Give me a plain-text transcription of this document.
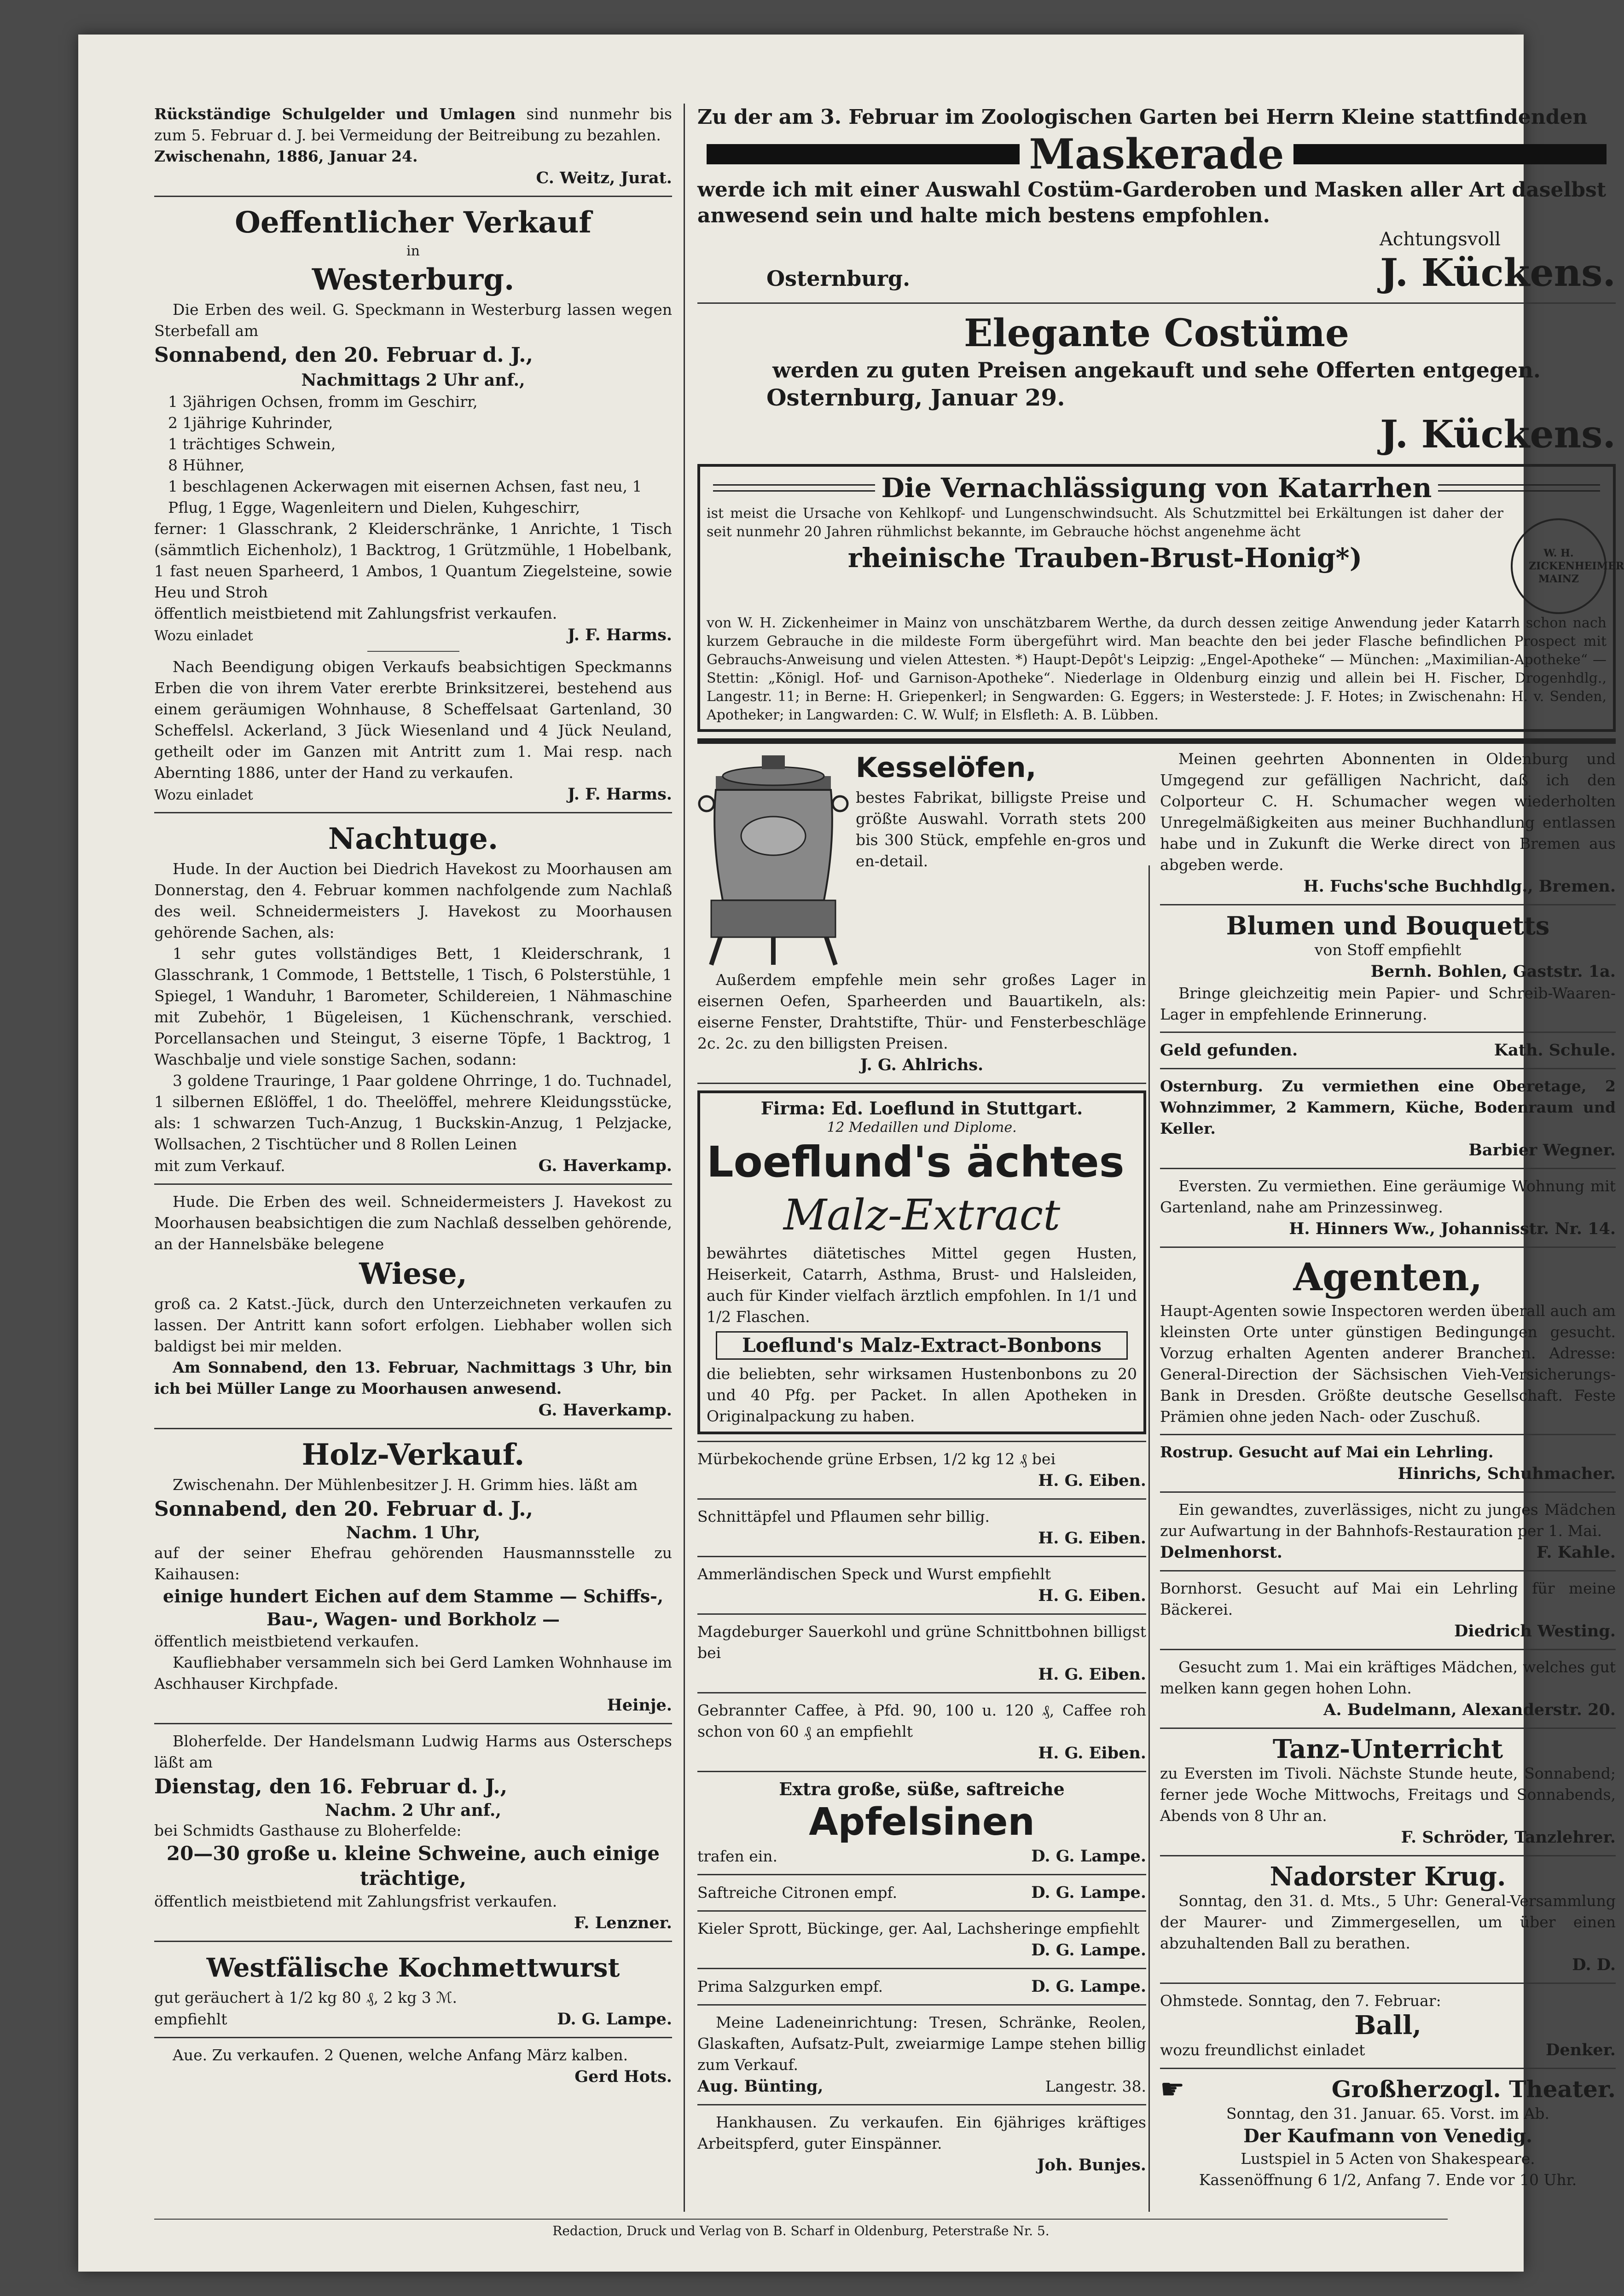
Rückständige Schulgelder und Umlagen sind nunmehr bis zum 5. Februar d. J. bei Vermeidung der Beitreibung zu bezahlen.
Zwischenahn, 1886, Januar 24.
C. Weitz, Jurat.
Oeffentlicher Verkauf
in
Westerburg.
Die Erben des weil. G. Speckmann in Westerburg lassen wegen Sterbefall am
Sonnabend, den 20. Februar d. J.,
Nachmittags 2 Uhr anf.,
1 3jährigen Ochsen, fromm im Geschirr,
2 1jährige Kuhrinder,
1 trächtiges Schwein,
8 Hühner,
1 beschlagenen Ackerwagen mit eisernen Achsen, fast neu, 1 Pflug, 1 Egge, Wagenleitern und Dielen, Kuhgeschirr,
ferner: 1 Glasschrank, 2 Kleiderschränke, 1 Anrichte, 1 Tisch (sämmtlich Eichenholz), 1 Backtrog, 1 Grützmühle, 1 Hobelbank, 1 fast neuen Sparheerd, 1 Ambos, 1 Quantum Ziegelsteine, sowie Heu und Stroh
öffentlich meistbietend mit Zahlungsfrist verkaufen.
Wozu einladet	J. F. Harms.
Nach Beendigung obigen Verkaufs beabsichtigen Speckmanns Erben die von ihrem Vater ererbte Brinksitzerei, bestehend aus einem geräumigen Wohnhause, 8 Scheffelsaat Gartenland, 30 Scheffelsl. Ackerland, 3 Jück Wiesenland und 4 Jück Neuland, getheilt oder im Ganzen mit Antritt zum 1. Mai resp. nach Abernting 1886, unter der Hand zu verkaufen.
Wozu einladet	J. F. Harms.
Nachtuge.
Hude. In der Auction bei Diedrich Havekost zu Moorhausen am Donnerstag, den 4. Februar kommen nachfolgende zum Nachlaß des weil. Schneidermeisters J. Havekost zu Moorhausen gehörende Sachen, als:
1 sehr gutes vollständiges Bett, 1 Kleiderschrank, 1 Glasschrank, 1 Commode, 1 Bettstelle, 1 Tisch, 6 Polsterstühle, 1 Spiegel, 1 Wanduhr, 1 Barometer, Schildereien, 1 Nähmaschine mit Zubehör, 1 Bügeleisen, 1 Küchenschrank, verschied. Porcellansachen und Steingut, 3 eiserne Töpfe, 1 Backtrog, 1 Waschbalje und viele sonstige Sachen, sodann:
3 goldene Trauringe, 1 Paar goldene Ohrringe, 1 do. Tuchnadel, 1 silbernen Eßlöffel, 1 do. Theelöffel, mehrere Kleidungsstücke, als: 1 schwarzen Tuch-Anzug, 1 Buckskin-Anzug, 1 Pelzjacke, Wollsachen, 2 Tischtücher und 8 Rollen Leinen
mit zum Verkauf.	G. Haverkamp.
Hude. Die Erben des weil. Schneidermeisters J. Havekost zu Moorhausen beabsichtigen die zum Nachlaß desselben gehörende, an der Hannelsbäke belegene
Wiese,
groß ca. 2 Katst.-Jück, durch den Unterzeichneten verkaufen zu lassen. Der Antritt kann sofort erfolgen. Liebhaber wollen sich baldigst bei mir melden.
Am Sonnabend, den 13. Februar, Nachmittags 3 Uhr, bin ich bei Müller Lange zu Moorhausen anwesend.
G. Haverkamp.
Holz-Verkauf.
Zwischenahn. Der Mühlenbesitzer J. H. Grimm hies. läßt am
Sonnabend, den 20. Februar d. J.,
Nachm. 1 Uhr,
auf der seiner Ehefrau gehörenden Hausmannsstelle zu Kaihausen:
einige hundert Eichen auf dem Stamme — Schiffs-, Bau-, Wagen- und Borkholz —
öffentlich meistbietend verkaufen.
Kaufliebhaber versammeln sich bei Gerd Lamken Wohnhause im Aschhauser Kirchpfade.
Heinje.
Bloherfelde. Der Handelsmann Ludwig Harms aus Osterscheps läßt am
Dienstag, den 16. Februar d. J.,
Nachm. 2 Uhr anf.,
bei Schmidts Gasthause zu Bloherfelde:
20—30 große u. kleine Schweine, auch einige trächtige,
öffentlich meistbietend mit Zahlungsfrist verkaufen.
F. Lenzner.
Westfälische Kochmettwurst
gut geräuchert à 1/2 kg 80 ₰, 2 kg 3 ℳ.
empfiehlt	D. G. Lampe.
Aue. Zu verkaufen. 2 Quenen, welche Anfang März kalben.
Gerd Hots.
Zu der am 3. Februar im Zoologischen Garten bei Herrn Kleine stattfindenden
Maskerade
werde ich mit einer Auswahl Costüm-Garderoben und Masken aller Art daselbst anwesend sein und halte mich bestens empfohlen.
Achtungsvoll
Osternburg.	J. Kückens.
Elegante Costüme
werden zu guten Preisen angekauft und sehe Offerten entgegen.
Osternburg, Januar 29.
J. Kückens.
Die Vernachlässigung von Katarrhen
ist meist die Ursache von Kehlkopf- und Lungenschwindsucht. Als Schutzmittel bei Erkältungen ist daher der seit nunmehr 20 Jahren rühmlichst bekannte, im Gebrauche höchst angenehme ächt
rheinische Trauben-Brust-Honig*)	W. H. ZICKENHEIMER MAINZ
von W. H. Zickenheimer in Mainz von unschätzbarem Werthe, da durch dessen zeitige Anwendung jeder Katarrh schon nach kurzem Gebrauche in die mildeste Form übergeführt wird. Man beachte den bei jeder Flasche befindlichen Prospect mit Gebrauchs-Anweisung und vielen Attesten. *) Haupt-Depôt's Leipzig: „Engel-Apotheke“ — München: „Maximilian-Apotheke“ — Stettin: „Königl. Hof- und Garnison-Apotheke“. Niederlage in Oldenburg einzig und allein bei H. Fischer, Drogenhdlg., Langestr. 11; in Berne: H. Griepenkerl; in Sengwarden: G. Eggers; in Westerstede: J. F. Hotes; in Zwischenahn: H. v. Senden, Apotheker; in Langwarden: C. W. Wulf; in Elsfleth: A. B. Lübben.
Kesselöfen,
bestes Fabrikat, billigste Preise und größte Auswahl. Vorrath stets 200 bis 300 Stück, empfehle en-gros und en-detail.
Außerdem empfehle mein sehr großes Lager in eisernen Oefen, Sparheerden und Bauartikeln, als: eiserne Fenster, Drahtstifte, Thür- und Fensterbeschläge 2c. 2c. zu den billigsten Preisen.
J. G. Ahlrichs.
Firma: Ed. Loeflund in Stuttgart.
12 Medaillen und Diplome.
Loeflund's ächtes
Malz-Extract
bewährtes diätetisches Mittel gegen Husten, Heiserkeit, Catarrh, Asthma, Brust- und Halsleiden, auch für Kinder vielfach ärztlich empfohlen. In 1/1 und 1/2 Flaschen.
Loeflund's Malz-Extract-Bonbons
die beliebten, sehr wirksamen Hustenbonbons zu 20 und 40 Pfg. per Packet. In allen Apotheken in Originalpackung zu haben.
Mürbekochende grüne Erbsen, 1/2 kg 12 ₰ bei
H. G. Eiben.
Schnittäpfel und Pflaumen sehr billig.
H. G. Eiben.
Ammerländischen Speck und Wurst empfiehlt
H. G. Eiben.
Magdeburger Sauerkohl und grüne Schnittbohnen billigst bei
H. G. Eiben.
Gebrannter Caffee, à Pfd. 90, 100 u. 120 ₰, Caffee roh schon von 60 ₰ an empfiehlt
H. G. Eiben.
Extra große, süße, saftreiche
Apfelsinen
trafen ein.	D. G. Lampe.
Saftreiche Citronen empf.	D. G. Lampe.
Kieler Sprott, Bückinge, ger. Aal, Lachsheringe empfiehlt
D. G. Lampe.
Prima Salzgurken empf.	D. G. Lampe.
Meine Ladeneinrichtung: Tresen, Schränke, Reolen, Glaskaften, Aufsatz-Pult, zweiarmige Lampe stehen billig zum Verkauf.
Aug. Bünting,	Langestr. 38.
Hankhausen. Zu verkaufen. Ein 6jähriges kräftiges Arbeitspferd, guter Einspänner.
Joh. Bunjes.
Meinen geehrten Abonnenten in Oldenburg und Umgegend zur gefälligen Nachricht, daß ich den Colporteur C. H. Schumacher wegen wiederholten Unregelmäßigkeiten aus meiner Buchhandlung entlassen habe und in Zukunft die Werke direct von Bremen aus abgeben werde.
H. Fuchs'sche Buchhdlg., Bremen.
Blumen und Bouquetts
von Stoff empfiehlt
Bernh. Bohlen, Gaststr. 1a.
Bringe gleichzeitig mein Papier- und Schreib-Waaren-Lager in empfehlende Erinnerung.
Geld gefunden.	Kath. Schule.
Osternburg. Zu vermiethen eine Oberetage, 2 Wohnzimmer, 2 Kammern, Küche, Bodenraum und Keller.
Barbier Wegner.
Eversten. Zu vermiethen. Eine geräumige Wohnung mit Gartenland, nahe am Prinzessinweg.
H. Hinners Ww., Johannisstr. Nr. 14.
Agenten,
Haupt-Agenten sowie Inspectoren werden überall auch am kleinsten Orte unter günstigen Bedingungen gesucht. Vorzug erhalten Agenten anderer Branchen. Adresse: General-Direction der Sächsischen Vieh-Versicherungs-Bank in Dresden. Größte deutsche Gesellschaft. Feste Prämien ohne jeden Nach- oder Zuschuß.
Rostrup. Gesucht auf Mai ein Lehrling.
Hinrichs, Schuhmacher.
Ein gewandtes, zuverlässiges, nicht zu junges Mädchen zur Aufwartung in der Bahnhofs-Restauration per 1. Mai.
Delmenhorst.	F. Kahle.
Bornhorst. Gesucht auf Mai ein Lehrling für meine Bäckerei.
Diedrich Westing.
Gesucht zum 1. Mai ein kräftiges Mädchen, welches gut melken kann gegen hohen Lohn.
A. Budelmann, Alexanderstr. 20.
Tanz-Unterricht
zu Eversten im Tivoli. Nächste Stunde heute, Sonnabend; ferner jede Woche Mittwochs, Freitags und Sonnabends, Abends von 8 Uhr an.
F. Schröder, Tanzlehrer.
Nadorster Krug.
Sonntag, den 31. d. Mts., 5 Uhr: General-Versammlung der Maurer- und Zimmergesellen, um über einen abzuhaltenden Ball zu berathen.
D. D.
Ohmstede. Sonntag, den 7. Februar:
Ball,
wozu freundlichst einladet	Denker.
☛	Großherzogl. Theater.
Sonntag, den 31. Januar. 65. Vorst. im Ab.
Der Kaufmann von Venedig.
Lustspiel in 5 Acten von Shakespeare.
Kassenöffnung 6 1/2, Anfang 7. Ende vor 10 Uhr.
Redaction, Druck und Verlag von B. Scharf in Oldenburg, Peterstraße Nr. 5.
